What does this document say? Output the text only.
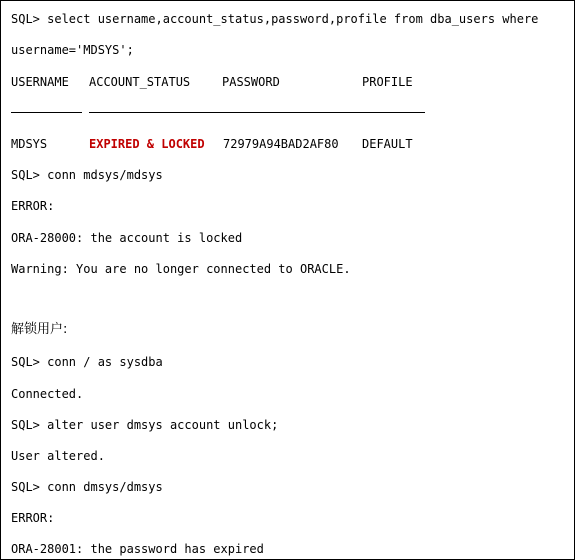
SQL> select username,account_status,password,profile from dba_users where
username='MDSYS';
USERNAME ACCOUNT_STATUS	PASSWORD	PROFILE
MDSYS	EXPIRED & LOCKED 72979A94BAD2AF80 DEFAULT
SQL> conn mdsys/mdsys
ERROR:
ORA-28000: the account is locked
Warning: You are no longer connected to ORACLE.
解锁用户:
SQL> conn / as sysdba
Connected.
SQL> alter user dmsys account unlock;
User altered.
SQL> conn dmsys/dmsys
ERROR:
ORA-28001: the password has expired
